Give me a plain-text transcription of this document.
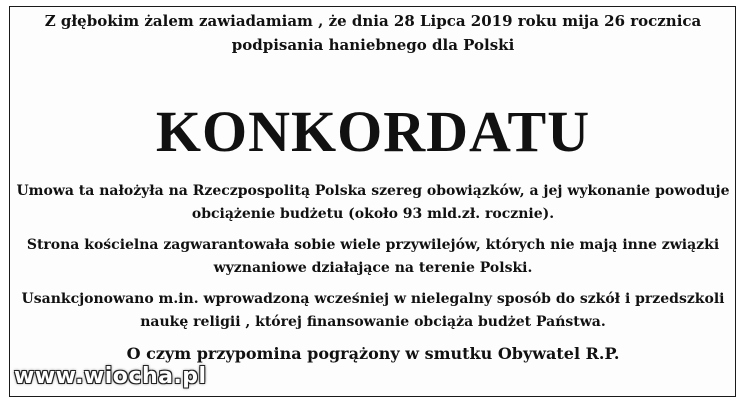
Z głębokim żalem zawiadamiam , że dnia 28 Lipca 2019 roku mija 26 rocznica
podpisania haniebnego dla Polski
KONKORDATU
Umowa ta nałożyła na Rzeczpospolitą Polska szereg obowiązków, a jej wykonanie powoduje
obciążenie budżetu (około 93 mld.zł. rocznie).
Strona kościelna zagwarantowała sobie wiele przywilejów, których nie mają inne związki
wyznaniowe działające na terenie Polski.
Usankcjonowano m.in. wprowadzoną wcześniej w nielegalny sposób do szkół i przedszkoli
naukę religii , której finansowanie obciąża budżet Państwa.
O czym przypomina pogrążony w smutku Obywatel R.P.
www.wiocha.pl
